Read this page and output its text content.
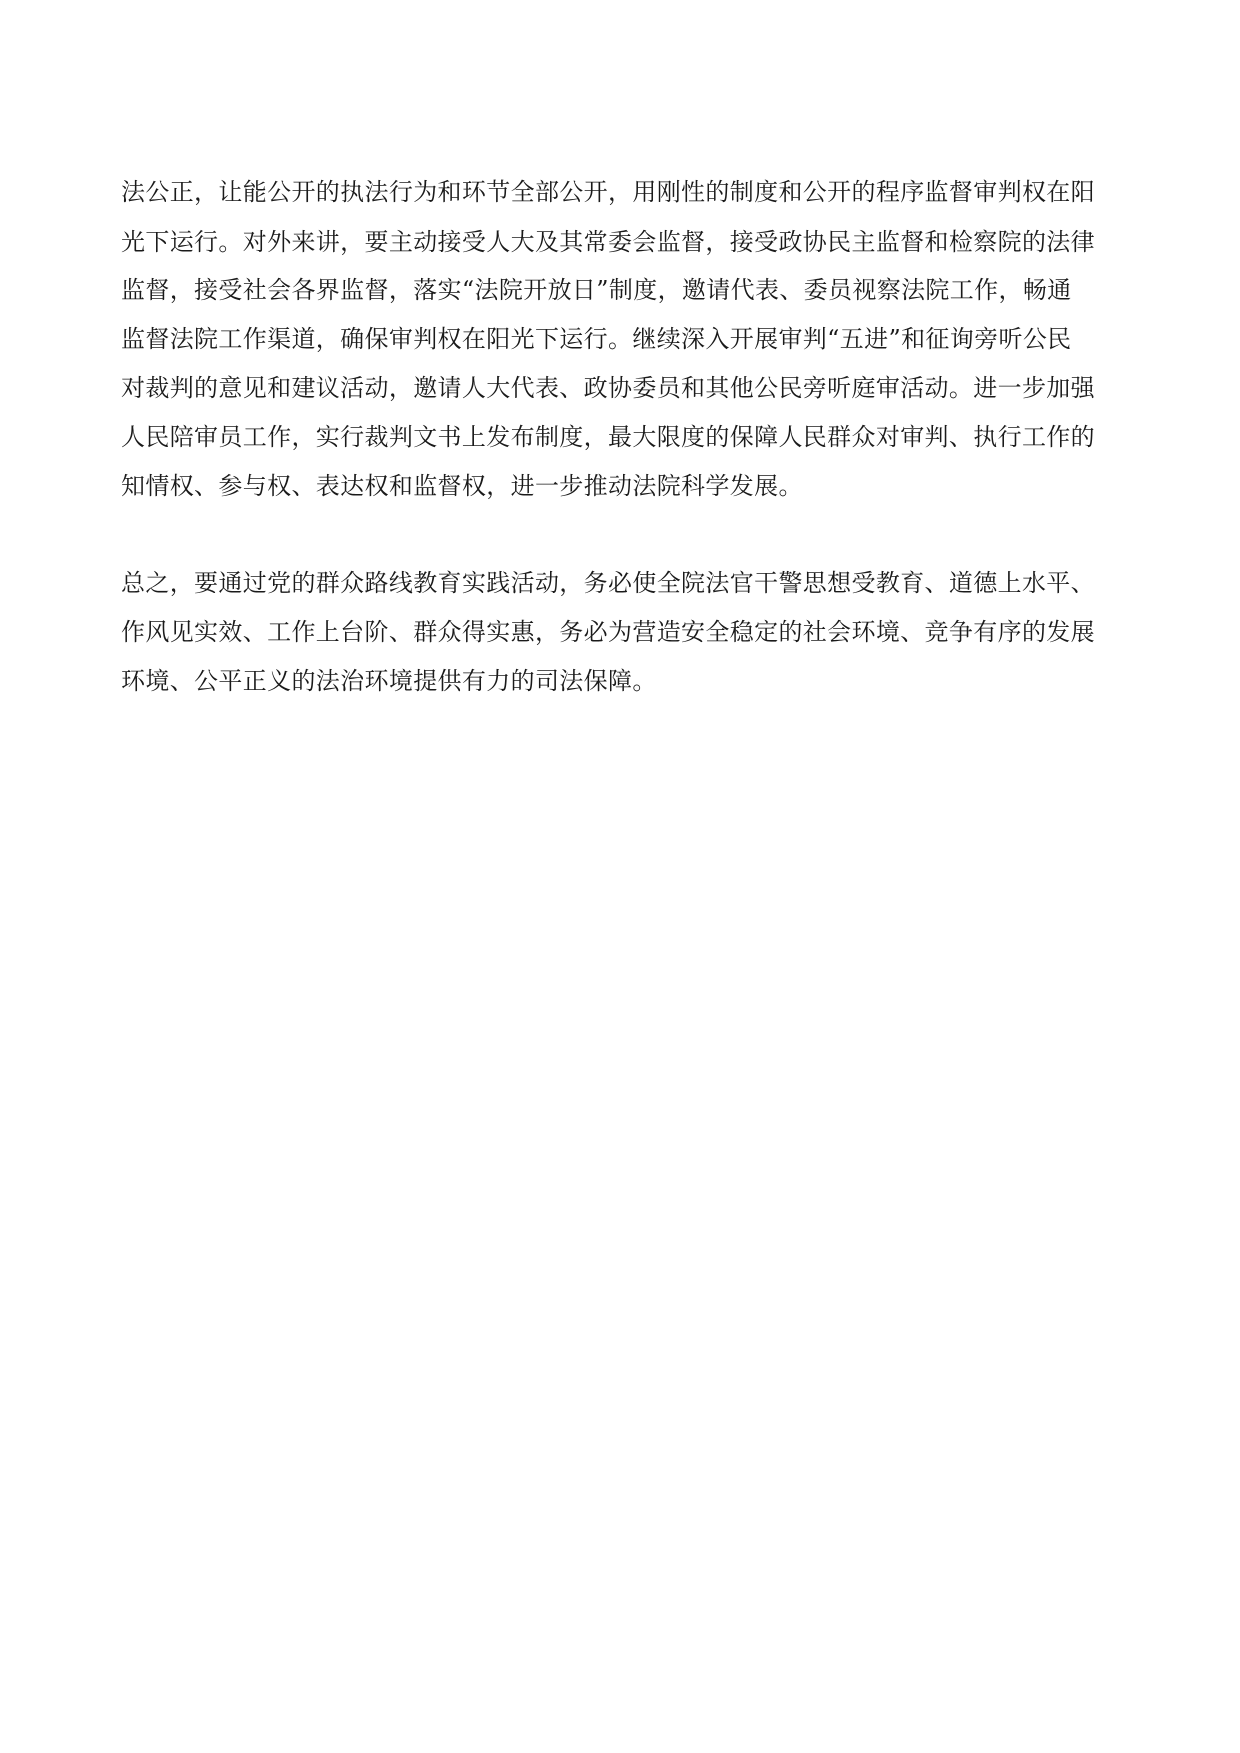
法公正，让能公开的执法行为和环节全部公开，用刚性的制度和公开的程序监督审判权在阳
光下运行。对外来讲，要主动接受人大及其常委会监督，接受政协民主监督和检察院的法律
监督，接受社会各界监督，落实“法院开放日”制度，邀请代表、委员视察法院工作，畅通
监督法院工作渠道，确保审判权在阳光下运行。继续深入开展审判“五进”和征询旁听公民
对裁判的意见和建议活动，邀请人大代表、政协委员和其他公民旁听庭审活动。进一步加强
人民陪审员工作，实行裁判文书上发布制度，最大限度的保障人民群众对审判、执行工作的
知情权、参与权、表达权和监督权，进一步推动法院科学发展。
总之，要通过党的群众路线教育实践活动，务必使全院法官干警思想受教育、道德上水平、
作风见实效、工作上台阶、群众得实惠，务必为营造安全稳定的社会环境、竞争有序的发展
环境、公平正义的法治环境提供有力的司法保障。
